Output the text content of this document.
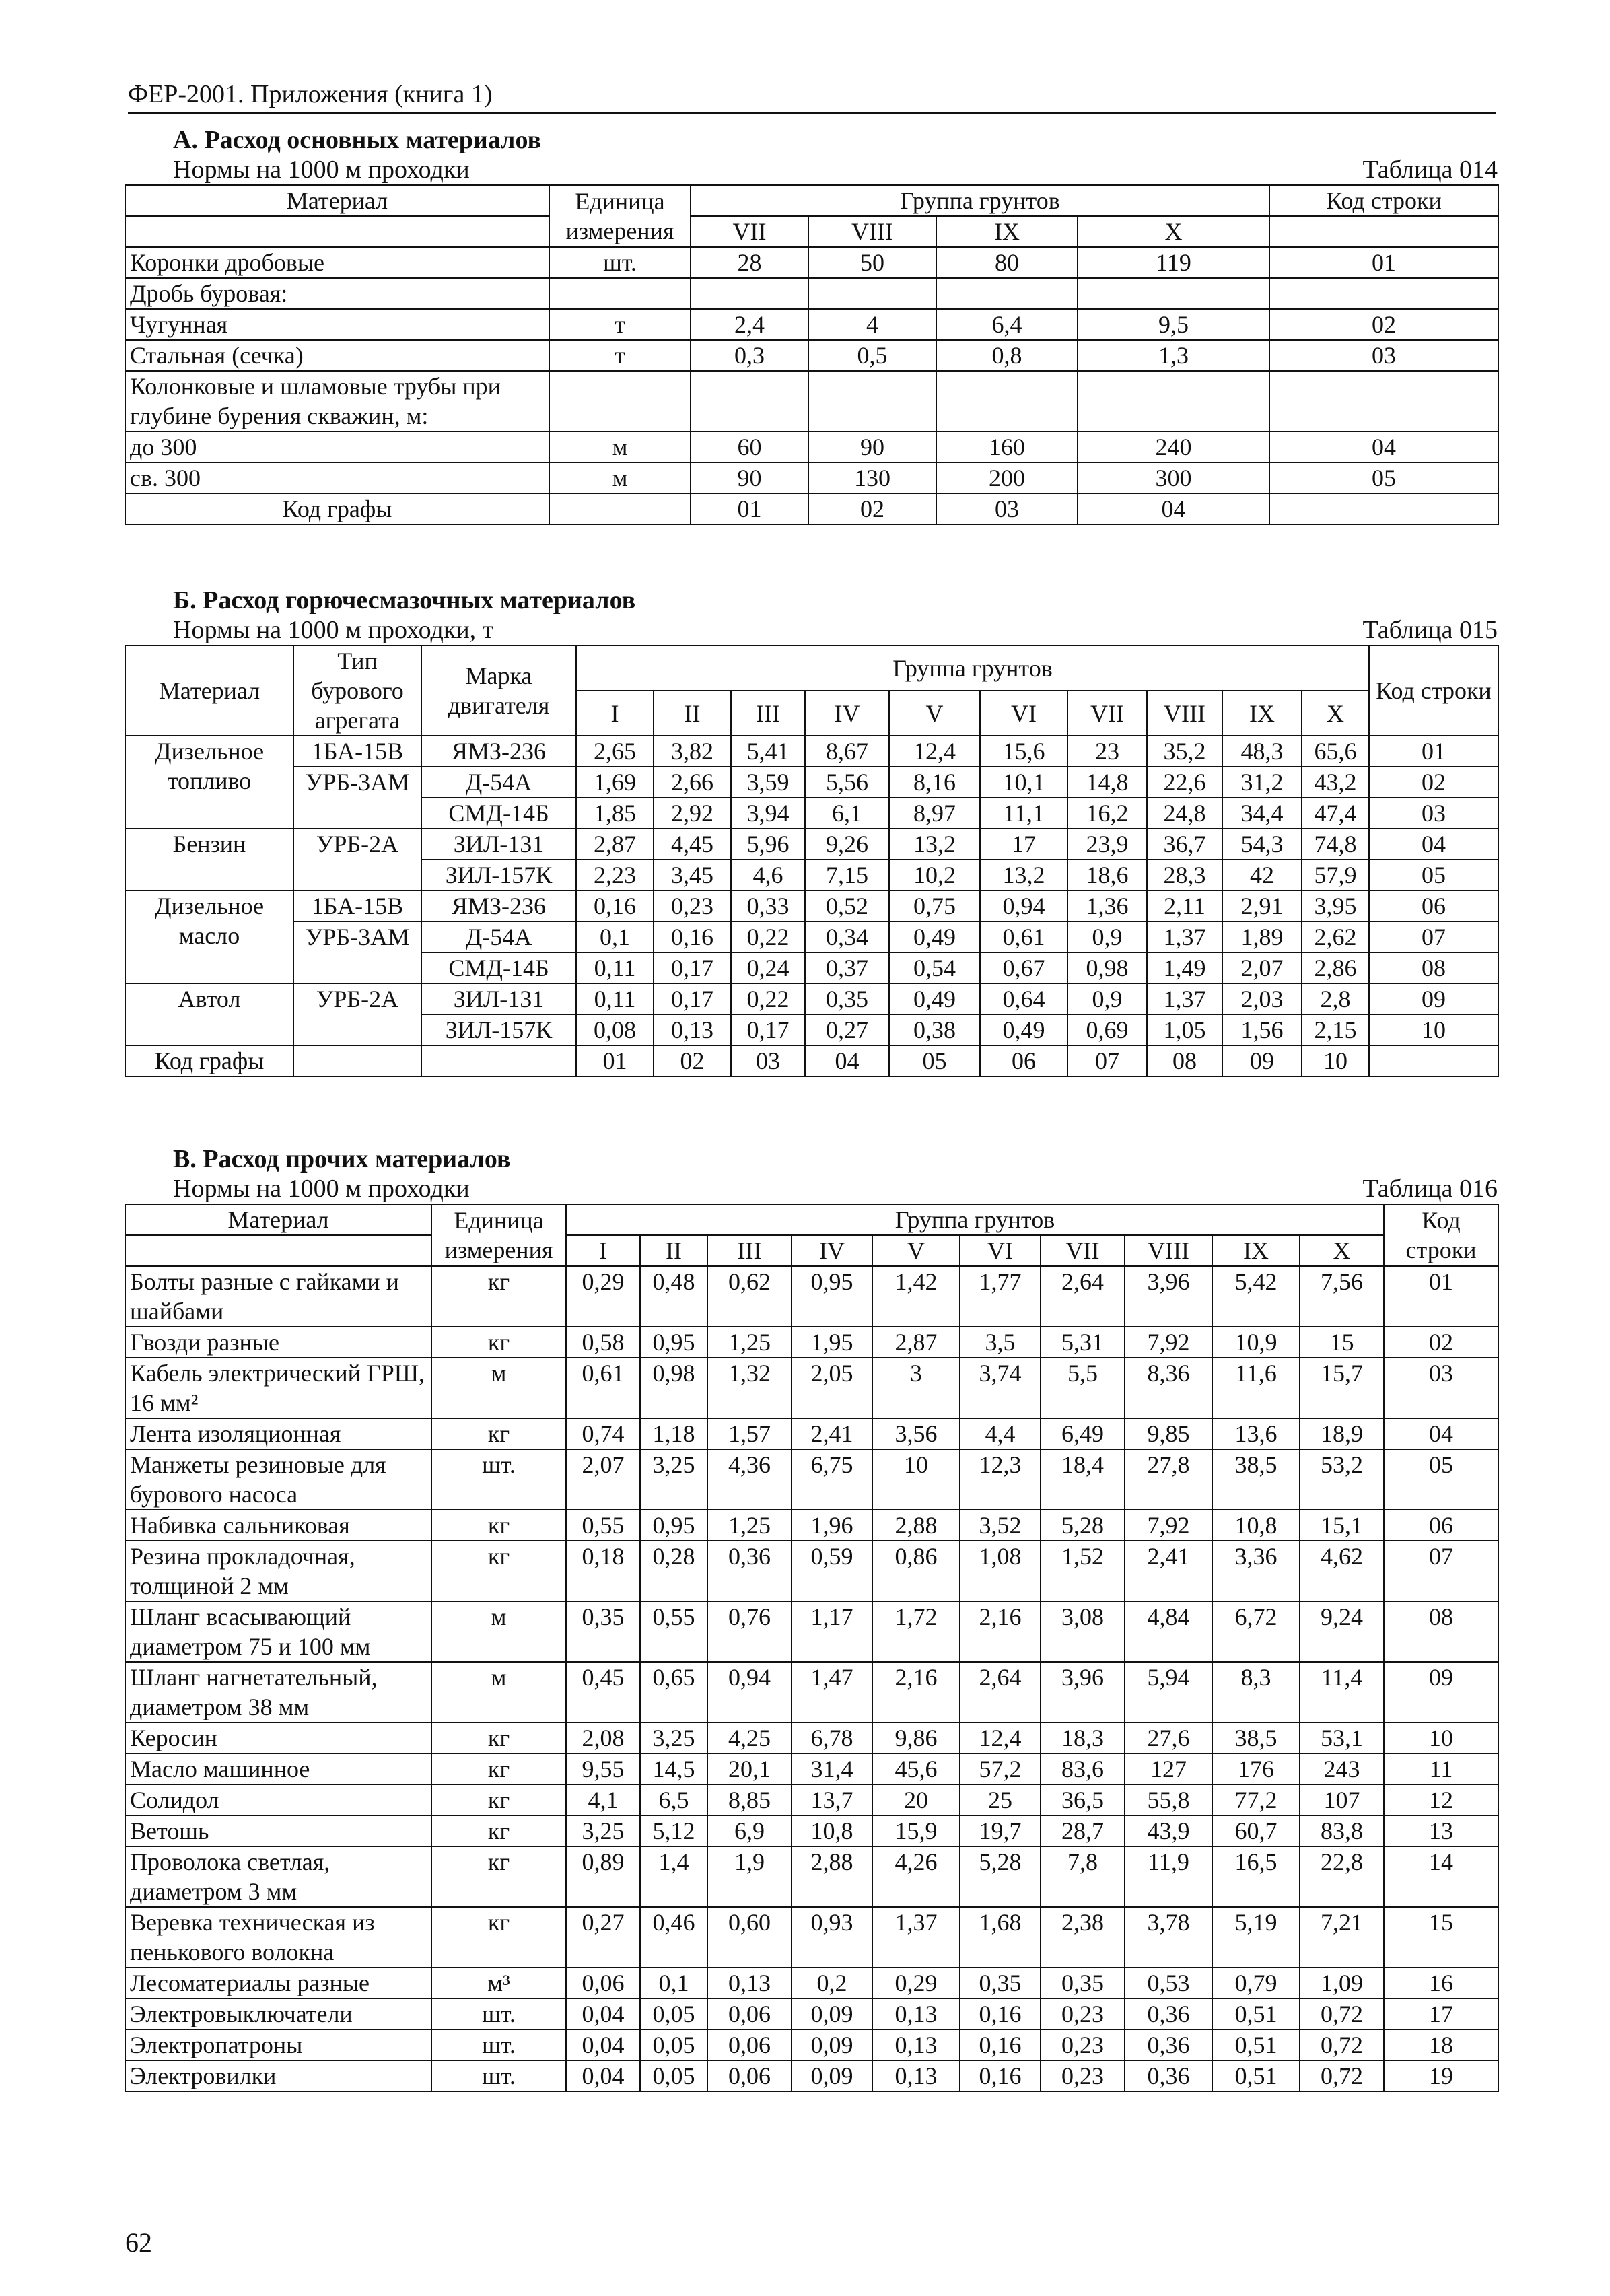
ФЕР-2001. Приложения (книга 1)
А. Расход основных материалов
Нормы на 1000 м проходки	Таблица 014
Материал	Единица измерения	Группа грунтов				Код строки
		VII	VIII	IX	X	
Коронки дробовые	шт.	28	50	80	119	01
Дробь буровая:						
Чугунная	т	2,4	4	6,4	9,5	02
Стальная (сечка)	т	0,3	0,5	0,8	1,3	03
Колонковые и шламовые трубы при глубине бурения скважин, м:						
до 300	м	60	90	160	240	04
св. 300	м	90	130	200	300	05
Код графы		01	02	03	04	
Б. Расход горючесмазочных материалов
Нормы на 1000 м проходки, т	Таблица 015
Материал	Тип бурового агрегата	Марка двигателя	Группа грунтов										Код строки
			I	II	III	IV	V	VI	VII	VIII	IX	X	
Дизельное топливо	1БА-15В	ЯМЗ-236	2,65	3,82	5,41	8,67	12,4	15,6	23	35,2	48,3	65,6	01
	УРБ-3АМ	Д-54А	1,69	2,66	3,59	5,56	8,16	10,1	14,8	22,6	31,2	43,2	02
		СМД-14Б	1,85	2,92	3,94	6,1	8,97	11,1	16,2	24,8	34,4	47,4	03
Бензин	УРБ-2А	ЗИЛ-131	2,87	4,45	5,96	9,26	13,2	17	23,9	36,7	54,3	74,8	04
		ЗИЛ-157К	2,23	3,45	4,6	7,15	10,2	13,2	18,6	28,3	42	57,9	05
Дизельное масло	1БА-15В	ЯМЗ-236	0,16	0,23	0,33	0,52	0,75	0,94	1,36	2,11	2,91	3,95	06
	УРБ-3АМ	Д-54А	0,1	0,16	0,22	0,34	0,49	0,61	0,9	1,37	1,89	2,62	07
		СМД-14Б	0,11	0,17	0,24	0,37	0,54	0,67	0,98	1,49	2,07	2,86	08
Автол	УРБ-2А	ЗИЛ-131	0,11	0,17	0,22	0,35	0,49	0,64	0,9	1,37	2,03	2,8	09
		ЗИЛ-157К	0,08	0,13	0,17	0,27	0,38	0,49	0,69	1,05	1,56	2,15	10
Код графы			01	02	03	04	05	06	07	08	09	10	
В. Расход прочих материалов
Нормы на 1000 м проходки	Таблица 016
Материал	Единица измерения	Группа грунтов										Код строки
		I	II	III	IV	V	VI	VII	VIII	IX	X	
Болты разные с гайками и шайбами	кг	0,29	0,48	0,62	0,95	1,42	1,77	2,64	3,96	5,42	7,56	01
Гвозди разные	кг	0,58	0,95	1,25	1,95	2,87	3,5	5,31	7,92	10,9	15	02
Кабель электрический ГРШ, 16 мм²	м	0,61	0,98	1,32	2,05	3	3,74	5,5	8,36	11,6	15,7	03
Лента изоляционная	кг	0,74	1,18	1,57	2,41	3,56	4,4	6,49	9,85	13,6	18,9	04
Манжеты резиновые для бурового насоса	шт.	2,07	3,25	4,36	6,75	10	12,3	18,4	27,8	38,5	53,2	05
Набивка сальниковая	кг	0,55	0,95	1,25	1,96	2,88	3,52	5,28	7,92	10,8	15,1	06
Резина прокладочная, толщиной 2 мм	кг	0,18	0,28	0,36	0,59	0,86	1,08	1,52	2,41	3,36	4,62	07
Шланг всасывающий диаметром 75 и 100 мм	м	0,35	0,55	0,76	1,17	1,72	2,16	3,08	4,84	6,72	9,24	08
Шланг нагнетательный, диаметром 38 мм	м	0,45	0,65	0,94	1,47	2,16	2,64	3,96	5,94	8,3	11,4	09
Керосин	кг	2,08	3,25	4,25	6,78	9,86	12,4	18,3	27,6	38,5	53,1	10
Масло машинное	кг	9,55	14,5	20,1	31,4	45,6	57,2	83,6	127	176	243	11
Солидол	кг	4,1	6,5	8,85	13,7	20	25	36,5	55,8	77,2	107	12
Ветошь	кг	3,25	5,12	6,9	10,8	15,9	19,7	28,7	43,9	60,7	83,8	13
Проволока светлая, диаметром 3 мм	кг	0,89	1,4	1,9	2,88	4,26	5,28	7,8	11,9	16,5	22,8	14
Веревка техническая из пенькового волокна	кг	0,27	0,46	0,60	0,93	1,37	1,68	2,38	3,78	5,19	7,21	15
Лесоматериалы разные	м³	0,06	0,1	0,13	0,2	0,29	0,35	0,35	0,53	0,79	1,09	16
Электровыключатели	шт.	0,04	0,05	0,06	0,09	0,13	0,16	0,23	0,36	0,51	0,72	17
Электропатроны	шт.	0,04	0,05	0,06	0,09	0,13	0,16	0,23	0,36	0,51	0,72	18
Электровилки	шт.	0,04	0,05	0,06	0,09	0,13	0,16	0,23	0,36	0,51	0,72	19
62
